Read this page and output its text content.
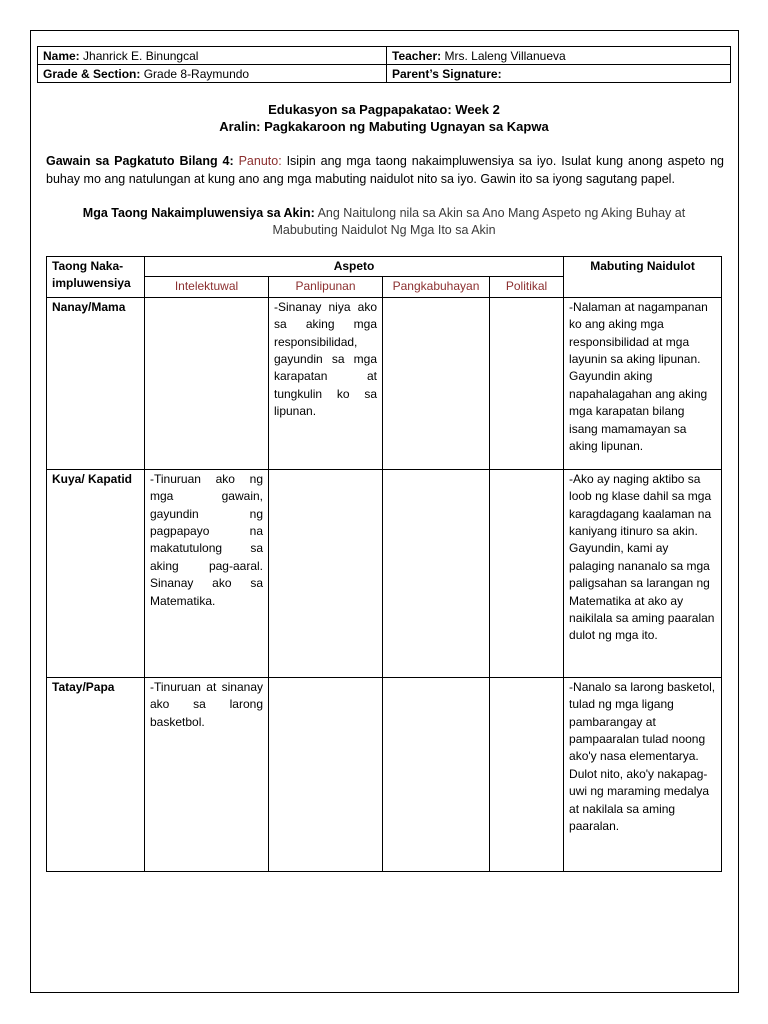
Name: Jhanrick E. Binungcal	Teacher: Mrs. Laleng Villanueva
Grade & Section: Grade 8-Raymundo	Parent’s Signature:
Edukasyon sa Pagpapakatao: Week 2
Aralin: Pagkakaroon ng Mabuting Ugnayan sa Kapwa
Gawain sa Pagkatuto Bilang 4: Panuto: Isipin ang mga taong nakaimpluwensiya sa iyo. Isulat kung anong aspeto ng buhay mo ang natulungan at kung ano ang mga mabuting naidulot nito sa iyo. Gawin ito sa iyong sagutang papel.
Mga Taong Nakaimpluwensiya sa Akin: Ang Naitulong nila sa Akin sa Ano Mang Aspeto ng Aking Buhay at
Mabubuting Naidulot Ng Mga Ito sa Akin
Taong Naka-impluwensiya	Aspeto				Mabuting Naidulot
	Intelektuwal	Panlipunan	Pangkabuhayan	Politikal	
Nanay/Mama		-Sinanay niya ako sa aking mga responsibilidad, gayundin sa mga karapatan at tungkulin ko sa lipunan.			-Nalaman at nagampanan ko ang aking mga responsibilidad at mga layunin sa aking lipunan. Gayundin aking napahalagahan ang aking mga karapatan bilang isang mamamayan sa aking lipunan.
Kuya/ Kapatid	-Tinuruan ako ng mga gawain, gayundin ng pagpapayo na makatutulong sa aking pag-aaral. Sinanay ako sa Matematika.				-Ako ay naging aktibo sa loob ng klase dahil sa mga karagdagang kaalaman na kaniyang itinuro sa akin. Gayundin, kami ay palaging nananalo sa mga paligsahan sa larangan ng Matematika at ako ay naikilala sa aming paaralan dulot ng mga ito.
Tatay/Papa	-Tinuruan at sinanay ako sa larong basketbol.				-Nanalo sa larong basketol, tulad ng mga ligang pambarangay at pampaaralan tulad noong ako'y nasa elementarya. Dulot nito, ako'y nakapag-uwi ng maraming medalya at nakilala sa aming paaralan.
